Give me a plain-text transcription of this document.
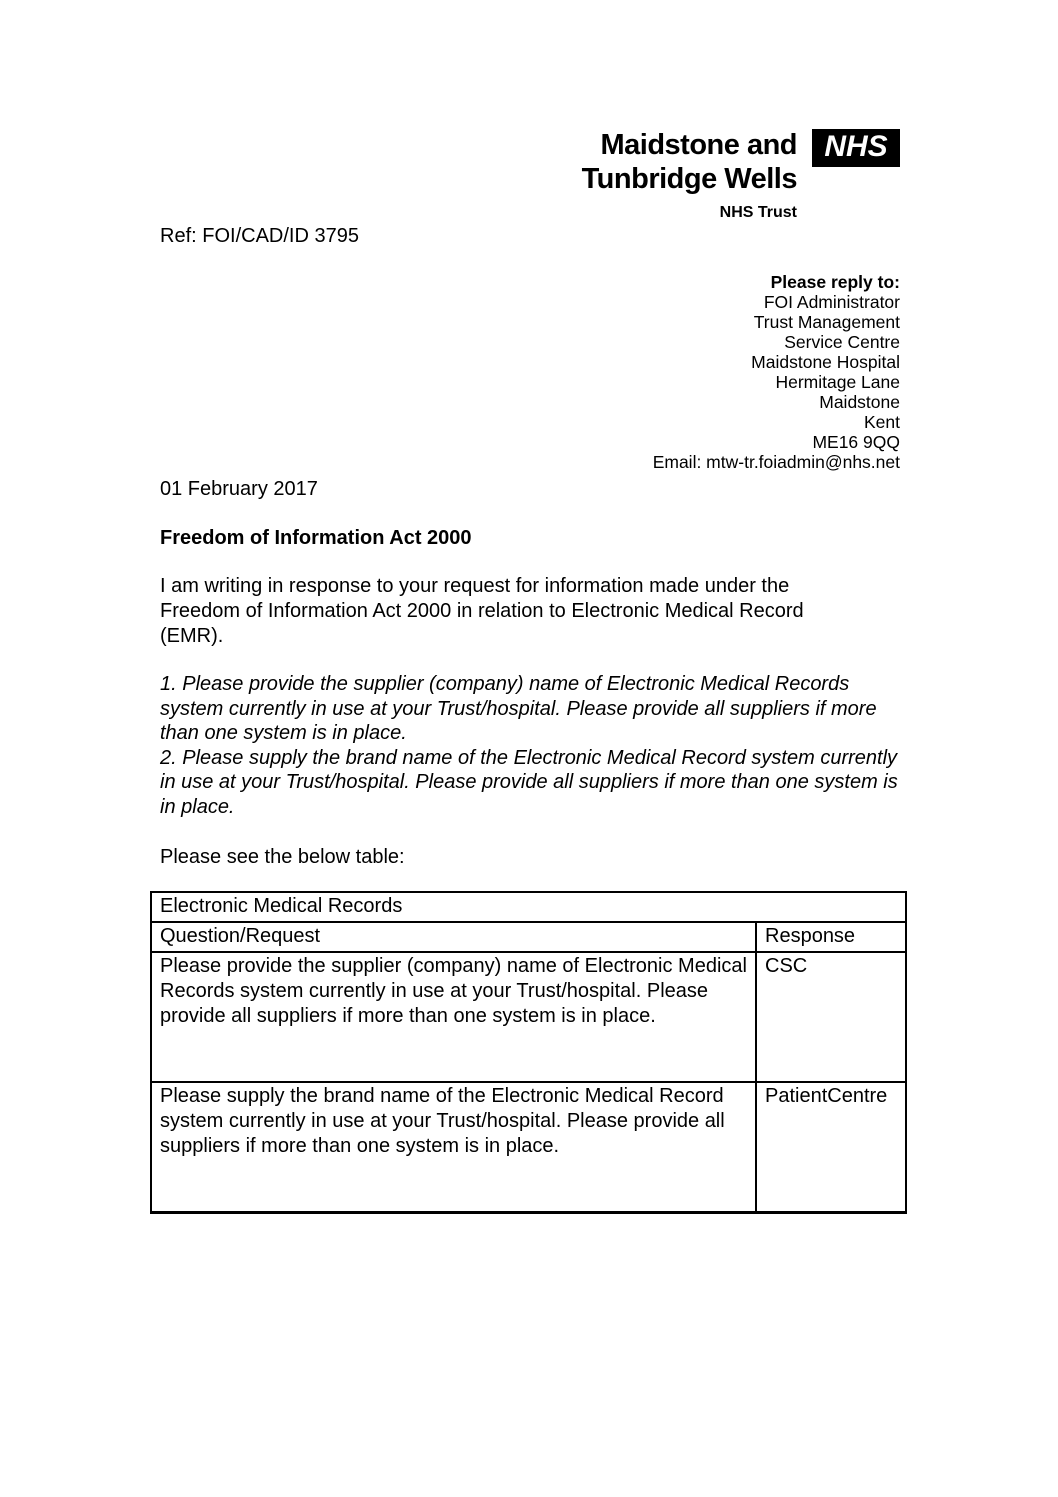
Maidstone and
Tunbridge Wells
NHS Trust
NHS
Ref: FOI/CAD/ID 3795
Please reply to:
FOI Administrator
Trust Management
Service Centre
Maidstone Hospital
Hermitage Lane
Maidstone
Kent
ME16 9QQ
Email: mtw-tr.foiadmin@nhs.net
01 February 2017
Freedom of Information Act 2000
I am writing in response to your request for information made under the Freedom of Information Act 2000 in relation to Electronic Medical Record (EMR).

1. Please provide the supplier (company) name of Electronic Medical Records system currently in use at your Trust/hospital. Please provide all suppliers if more than one system is in place.

2. Please supply the brand name of the Electronic Medical Record system currently in use at your Trust/hospital. Please provide all suppliers if more than one system is in place.

Please see the below table:
Electronic Medical Records	
Question/Request	Response
Please provide the supplier (company) name of Electronic Medical Records system currently in use at your Trust/hospital. Please provide all suppliers if more than one system is in place.	CSC
Please supply the brand name of the Electronic Medical Record system currently in use at your Trust/hospital. Please provide all suppliers if more than one system is in place.	PatientCentre
